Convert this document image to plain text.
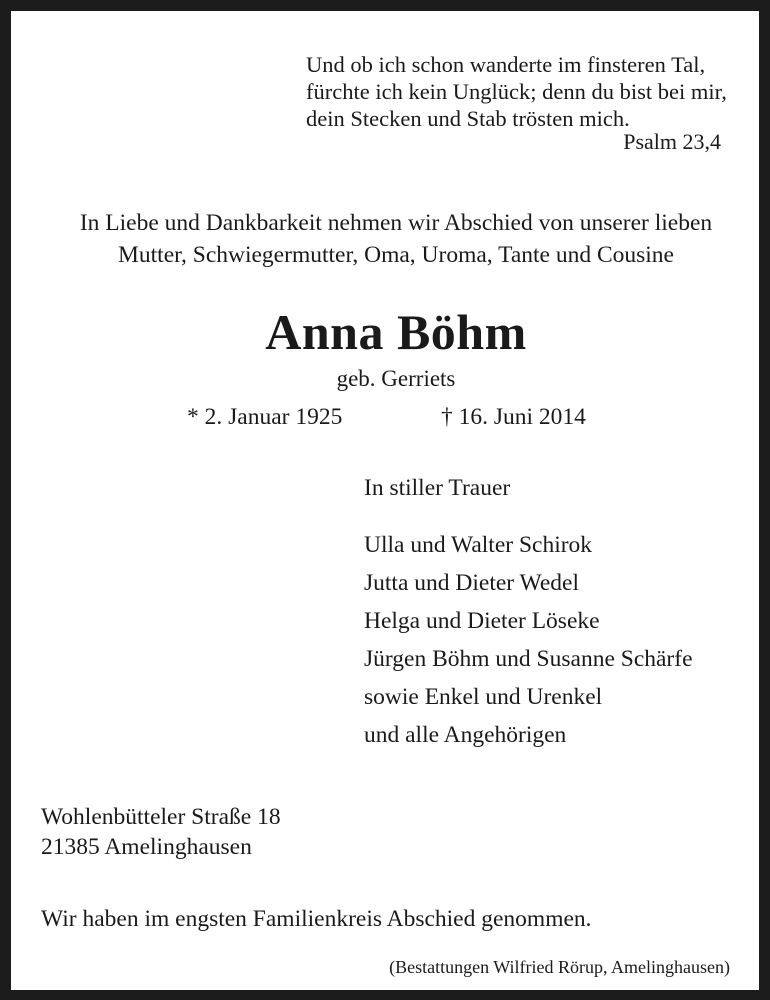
Und ob ich schon wanderte im finsteren Tal,
fürchte ich kein Unglück; denn du bist bei mir,
dein Stecken und Stab trösten mich.
Psalm 23,4
In Liebe und Dankbarkeit nehmen wir Abschied von unserer lieben
Mutter, Schwiegermutter, Oma, Uroma, Tante und Cousine
Anna Böhm
geb. Gerriets
* 2. Januar 1925	† 16. Juni 2014
In stiller Trauer
Ulla und Walter Schirok
Jutta und Dieter Wedel
Helga und Dieter Löseke
Jürgen Böhm und Susanne Schärfe
sowie Enkel und Urenkel
und alle Angehörigen
Wohlenbütteler Straße 18
21385 Amelinghausen
Wir haben im engsten Familienkreis Abschied genommen.
(Bestattungen Wilfried Rörup, Amelinghausen)
